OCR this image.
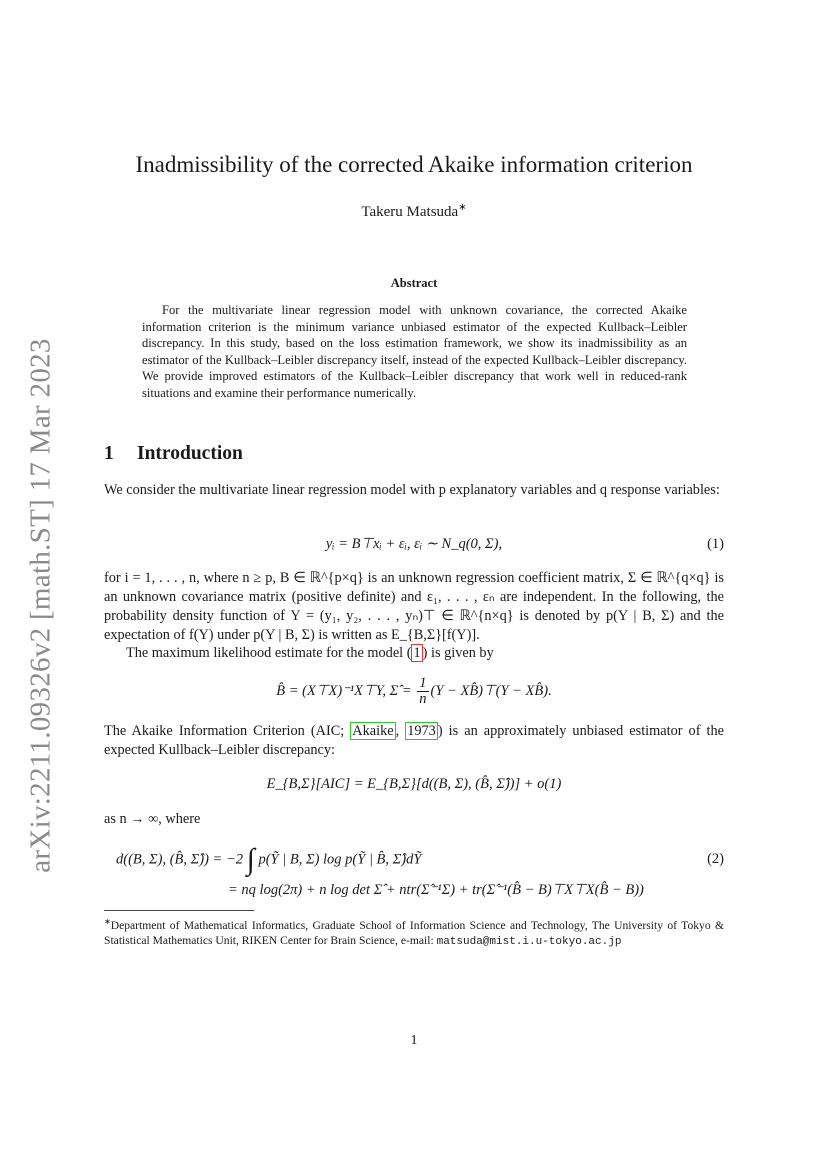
arXiv:2211.09326v2 [math.ST] 17 Mar 2023
Inadmissibility of the corrected Akaike information criterion
Takeru Matsuda∗
Abstract
For the multivariate linear regression model with unknown covariance, the corrected Akaike information criterion is the minimum variance unbiased estimator of the expected Kullback–Leibler discrepancy. In this study, based on the loss estimation framework, we show its inadmissibility as an estimator of the Kullback–Leibler discrepancy itself, instead of the expected Kullback–Leibler discrepancy. We provide improved estimators of the Kullback–Leibler discrepancy that work well in reduced-rank situations and examine their performance numerically.
1 Introduction
We consider the multivariate linear regression model with p explanatory variables and q response variables:
yᵢ = B⊤xᵢ + εᵢ, εᵢ ∼ N_q(0, Σ),	(1)
for i = 1, . . . , n, where n ≥ p, B ∈ ℝ^{p×q} is an unknown regression coefficient matrix, Σ ∈ ℝ^{q×q} is an unknown covariance matrix (positive definite) and ε₁, . . . , εₙ are independent. In the following, the probability density function of Y = (y₁, y₂, . . . , yₙ)⊤ ∈ ℝ^{n×q} is denoted by p(Y | B, Σ) and the expectation of f(Y) under p(Y | B, Σ) is written as E_{B,Σ}[f(Y)].
The maximum likelihood estimate for the model ( 1 ) is given by
B̂ = (X⊤X)⁻¹X⊤Y, Σ̂ = $\frac{1}{n} (Y$ − XB̂)⊤(Y − XB̂).
The Akaike Information Criterion (AIC; Akaike , 1973 ) is an approximately unbiased estimator of the expected Kullback–Leibler discrepancy:
E_{B,Σ}[AIC] = E_{B,Σ}[d((B, Σ), (B̂, Σ̂))] + o(1)
as n → ∞, where
d((B, Σ), (B̂, Σ̂)) = −2 ∫ p(Ỹ | B, Σ) log p(Ỹ | B̂, Σ̂)dỸ	(2)
= nq log(2π) + n log det Σ̂ + ntr(Σ̂⁻¹Σ) + tr(Σ̂⁻¹(B̂ − B)⊤X⊤X(B̂ − B))
∗Department of Mathematical Informatics, Graduate School of Information Science and Technology, The University of Tokyo & Statistical Mathematics Unit, RIKEN Center for Brain Science, e-mail: matsuda@mist.i.u-tokyo.ac.jp
1
